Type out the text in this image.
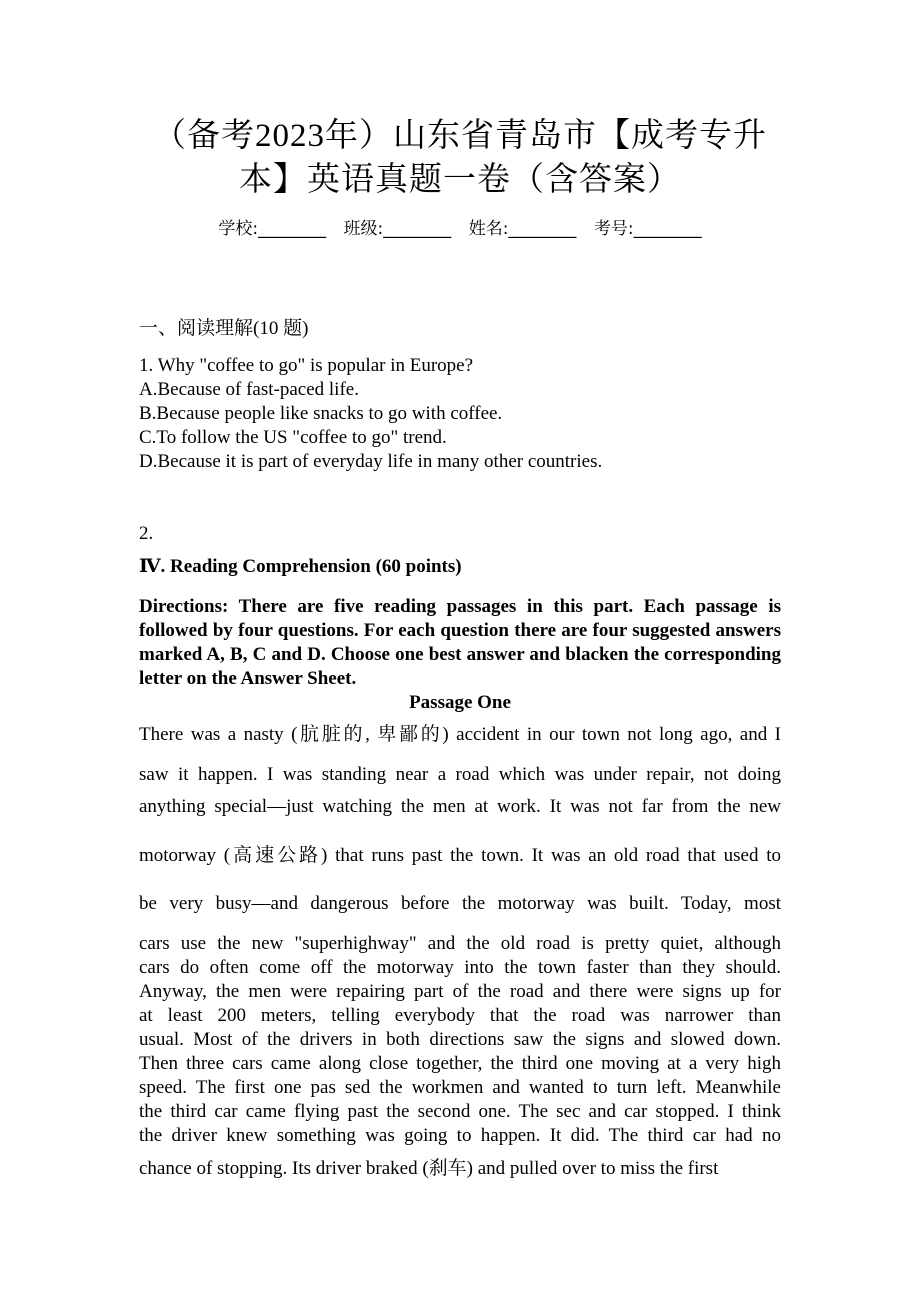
（备考2023年）山东省青岛市【成考专升
本】英语真题一卷（含答案）
学校:________ 班级:________ 姓名:________ 考号:________
一、阅读理解(10 题)
1. Why "coffee to go" is popular in Europe?
A.Because of fast-paced life.
B.Because people like snacks to go with coffee.
C.To follow the US "coffee to go" trend.
D.Because it is part of everyday life in many other countries.
2.
Ⅳ. Reading Comprehension (60 points)
Directions: There are five reading passages in this part. Each passage is followed by four questions. For each question there are four suggested answers marked A, B, C and D. Choose one best answer and blacken the corresponding letter on the Answer Sheet.
Passage One
There was a nasty (肮脏的, 卑鄙的) accident in our town not long ago, and I
saw it happen. I was standing near a road which was under repair, not doing
anything special—just watching the men at work. It was not far from the new
motorway (高速公路) that runs past the town. It was an old road that used to
be very busy—and dangerous before the motorway was built. Today, most
cars use the new "superhighway" and the old road is pretty quiet, although
cars do often come off the motorway into the town faster than they should.
Anyway, the men were repairing part of the road and there were signs up for
at least 200 meters, telling everybody that the road was narrower than
usual. Most of the drivers in both directions saw the signs and slowed down.
Then three cars came along close together, the third one moving at a very high
speed. The first one pas sed the workmen and wanted to turn left. Meanwhile
the third car came flying past the second one. The sec and car stopped. I think
the driver knew something was going to happen. It did. The third car had no
chance of stopping. Its driver braked (刹车) and pulled over to miss the first
